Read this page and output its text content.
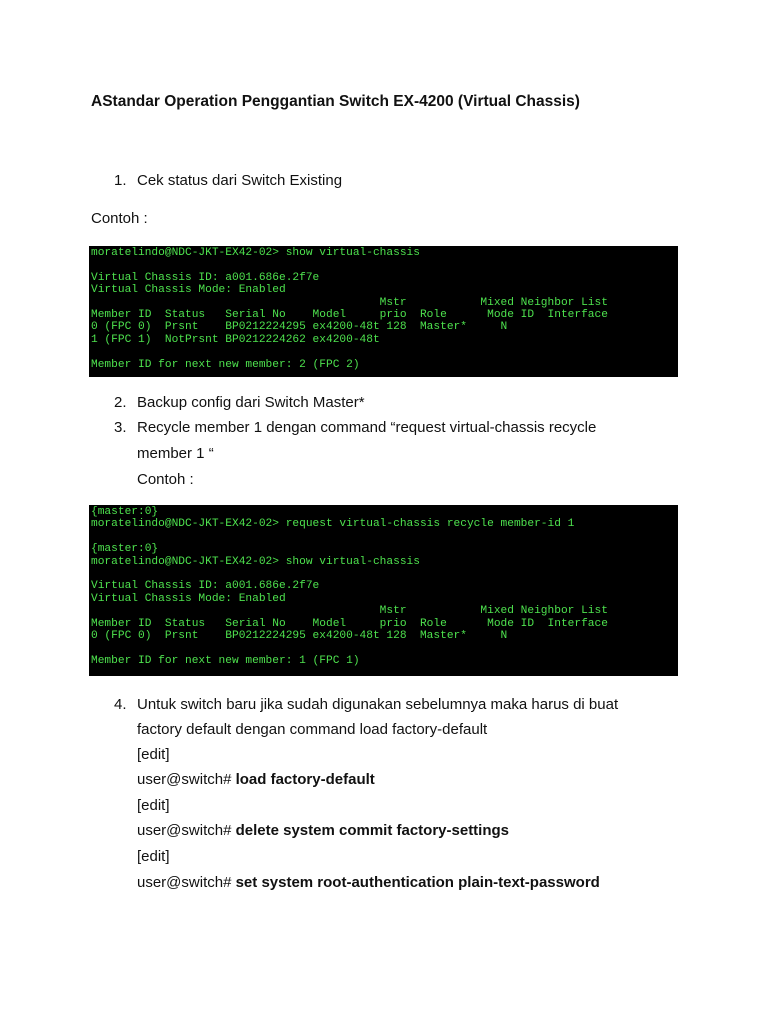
AStandar Operation Penggantian Switch EX-4200 (Virtual Chassis)
1. Cek status dari Switch Existing
Contoh :
moratelindo@NDC-JKT-EX42-02> show virtual-chassis
Virtual Chassis ID: a001.686e.2f7e
Virtual Chassis Mode: Enabled
Mstr           Mixed Neighbor List
Member ID  Status   Serial No    Model     prio  Role      Mode ID  Interface
0 (FPC 0)  Prsnt    BP0212224295 ex4200-48t 128  Master*     N
1 (FPC 1)  NotPrsnt BP0212224262 ex4200-48t
Member ID for next new member: 2 (FPC 2)
2. Backup config dari Switch Master*
3. Recycle member 1 dengan command “request virtual-chassis recycle
member 1 “
Contoh :
{master:0}
moratelindo@NDC-JKT-EX42-02> request virtual-chassis recycle member-id 1
{master:0}
moratelindo@NDC-JKT-EX42-02> show virtual-chassis
Virtual Chassis ID: a001.686e.2f7e
Virtual Chassis Mode: Enabled
Mstr           Mixed Neighbor List
Member ID  Status   Serial No    Model     prio  Role      Mode ID  Interface
0 (FPC 0)  Prsnt    BP0212224295 ex4200-48t 128  Master*     N
Member ID for next new member: 1 (FPC 1)
4. Untuk switch baru jika sudah digunakan sebelumnya maka harus di buat
factory default dengan command load factory-default
[edit]
user@switch# load factory-default
[edit]
user@switch# delete system commit factory-settings
[edit]
user@switch# set system root-authentication plain-text-password
